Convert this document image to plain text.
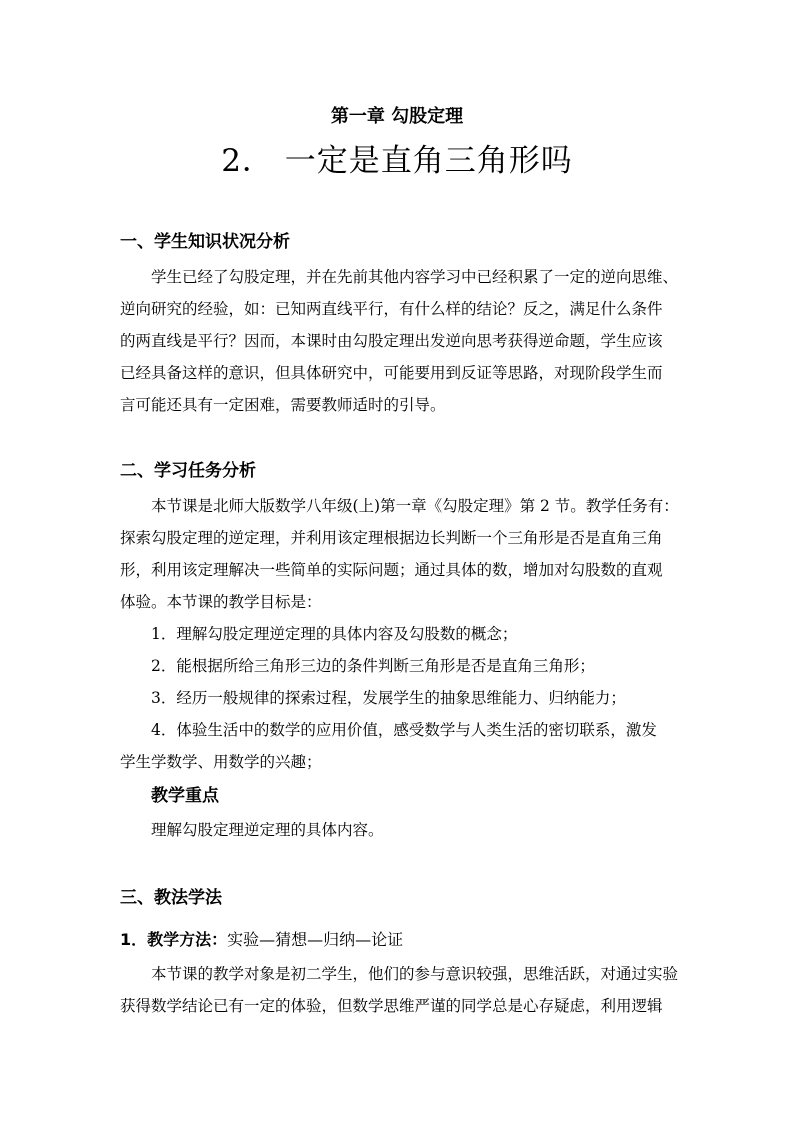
第一章 勾股定理
2． 一定是直角三角形吗
一、学生知识状况分析
学生已经了勾股定理，并在先前其他内容学习中已经积累了一定的逆向思维、
逆向研究的经验，如：已知两直线平行，有什么样的结论？反之，满足什么条件
的两直线是平行？因而，本课时由勾股定理出发逆向思考获得逆命题，学生应该
已经具备这样的意识，但具体研究中，可能要用到反证等思路，对现阶段学生而
言可能还具有一定困难，需要教师适时的引导。
二、学习任务分析
本节课是北师大版数学八年级(上)第一章《勾股定理》第 2 节。教学任务有：
探索勾股定理的逆定理，并利用该定理根据边长判断一个三角形是否是直角三角
形，利用该定理解决一些简单的实际问题；通过具体的数，增加对勾股数的直观
体验。本节课的教学目标是：
1．理解勾股定理逆定理的具体内容及勾股数的概念；
2．能根据所给三角形三边的条件判断三角形是否是直角三角形；
3．经历一般规律的探索过程，发展学生的抽象思维能力、归纳能力；
4．体验生活中的数学的应用价值，感受数学与人类生活的密切联系，激发
学生学数学、用数学的兴趣；
教学重点
理解勾股定理逆定理的具体内容。
三、教法学法
1．教学方法：实验—猜想—归纳—论证
本节课的教学对象是初二学生，他们的参与意识较强，思维活跃，对通过实验
获得数学结论已有一定的体验，但数学思维严谨的同学总是心存疑虑，利用逻辑
